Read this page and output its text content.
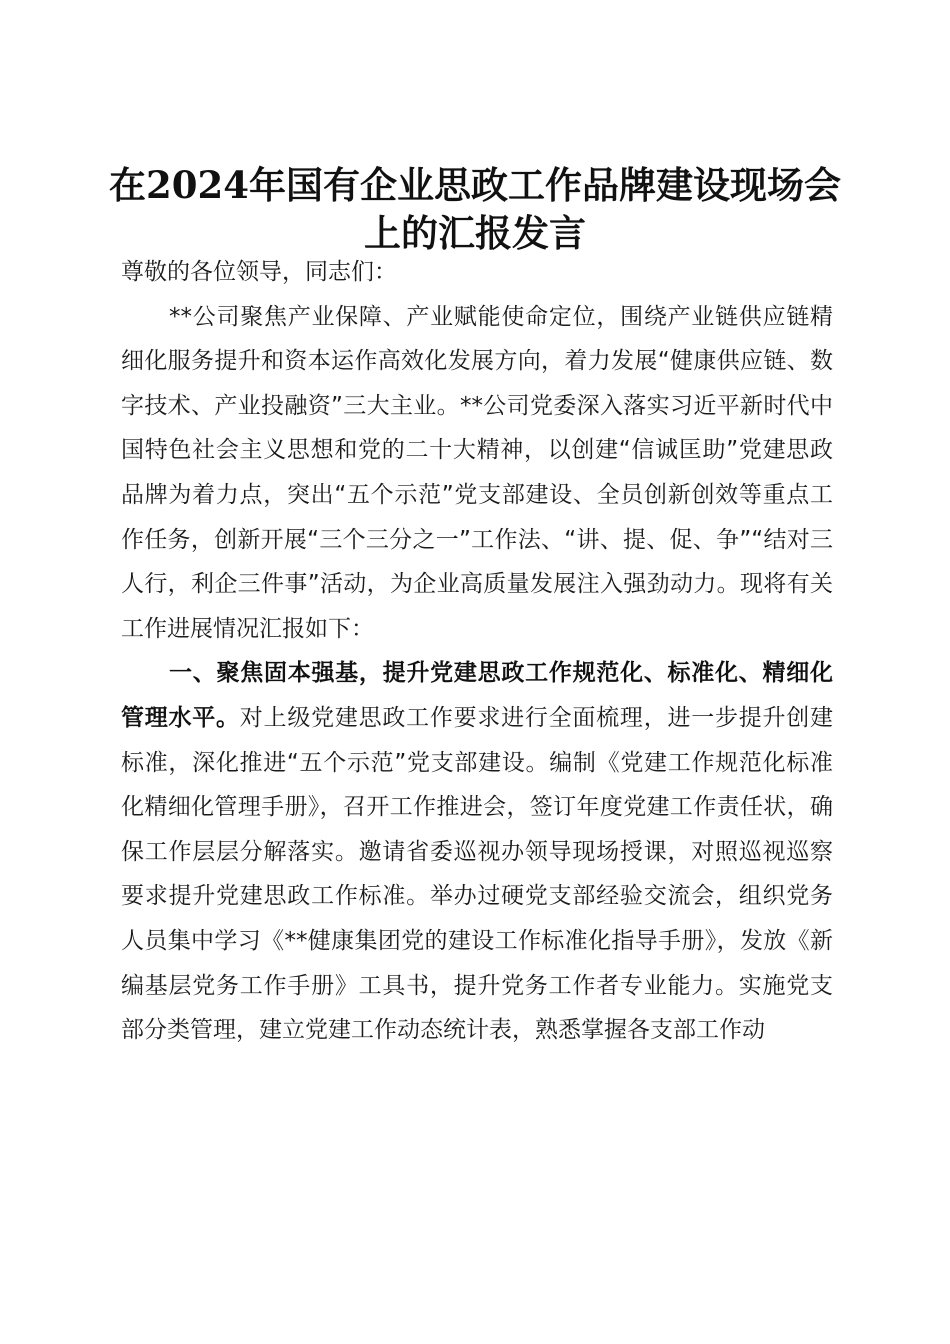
在2024年国有企业思政工作品牌建设现场会
上的汇报发言

尊敬的各位领导，同志们：

**公司聚焦产业保障、产业赋能使命定位，围绕产业链供应链精细化服务提升和资本运作高效化发展方向，着力发展“健康供应链、数字技术、产业投融资”三大主业。**公司党委深入落实习近平新时代中国特色社会主义思想和党的二十大精神，以创建“信诚匡助”党建思政品牌为着力点，突出“五个示范”党支部建设、全员创新创效等重点工作任务，创新开展“三个三分之一”工作法、“讲、提、促、争”“结对三人行，利企三件事”活动，为企业高质量发展注入强劲动力。现将有关工作进展情况汇报如下：

一、聚焦固本强基，提升党建思政工作规范化、标准化、精细化管理水平。对上级党建思政工作要求进行全面梳理，进一步提升创建标准，深化推进“五个示范”党支部建设。编制《党建工作规范化标准化精细化管理手册》，召开工作推进会，签订年度党建工作责任状，确保工作层层分解落实。邀请省委巡视办领导现场授课，对照巡视巡察要求提升党建思政工作标准。举办过硬党支部经验交流会，组织党务人员集中学习《**健康集团党的建设工作标准化指导手册》，发放《新编基层党务工作手册》工具书，提升党务工作者专业能力。实施党支部分类管理，建立党建工作动态统计表，熟悉掌握各支部工作动
